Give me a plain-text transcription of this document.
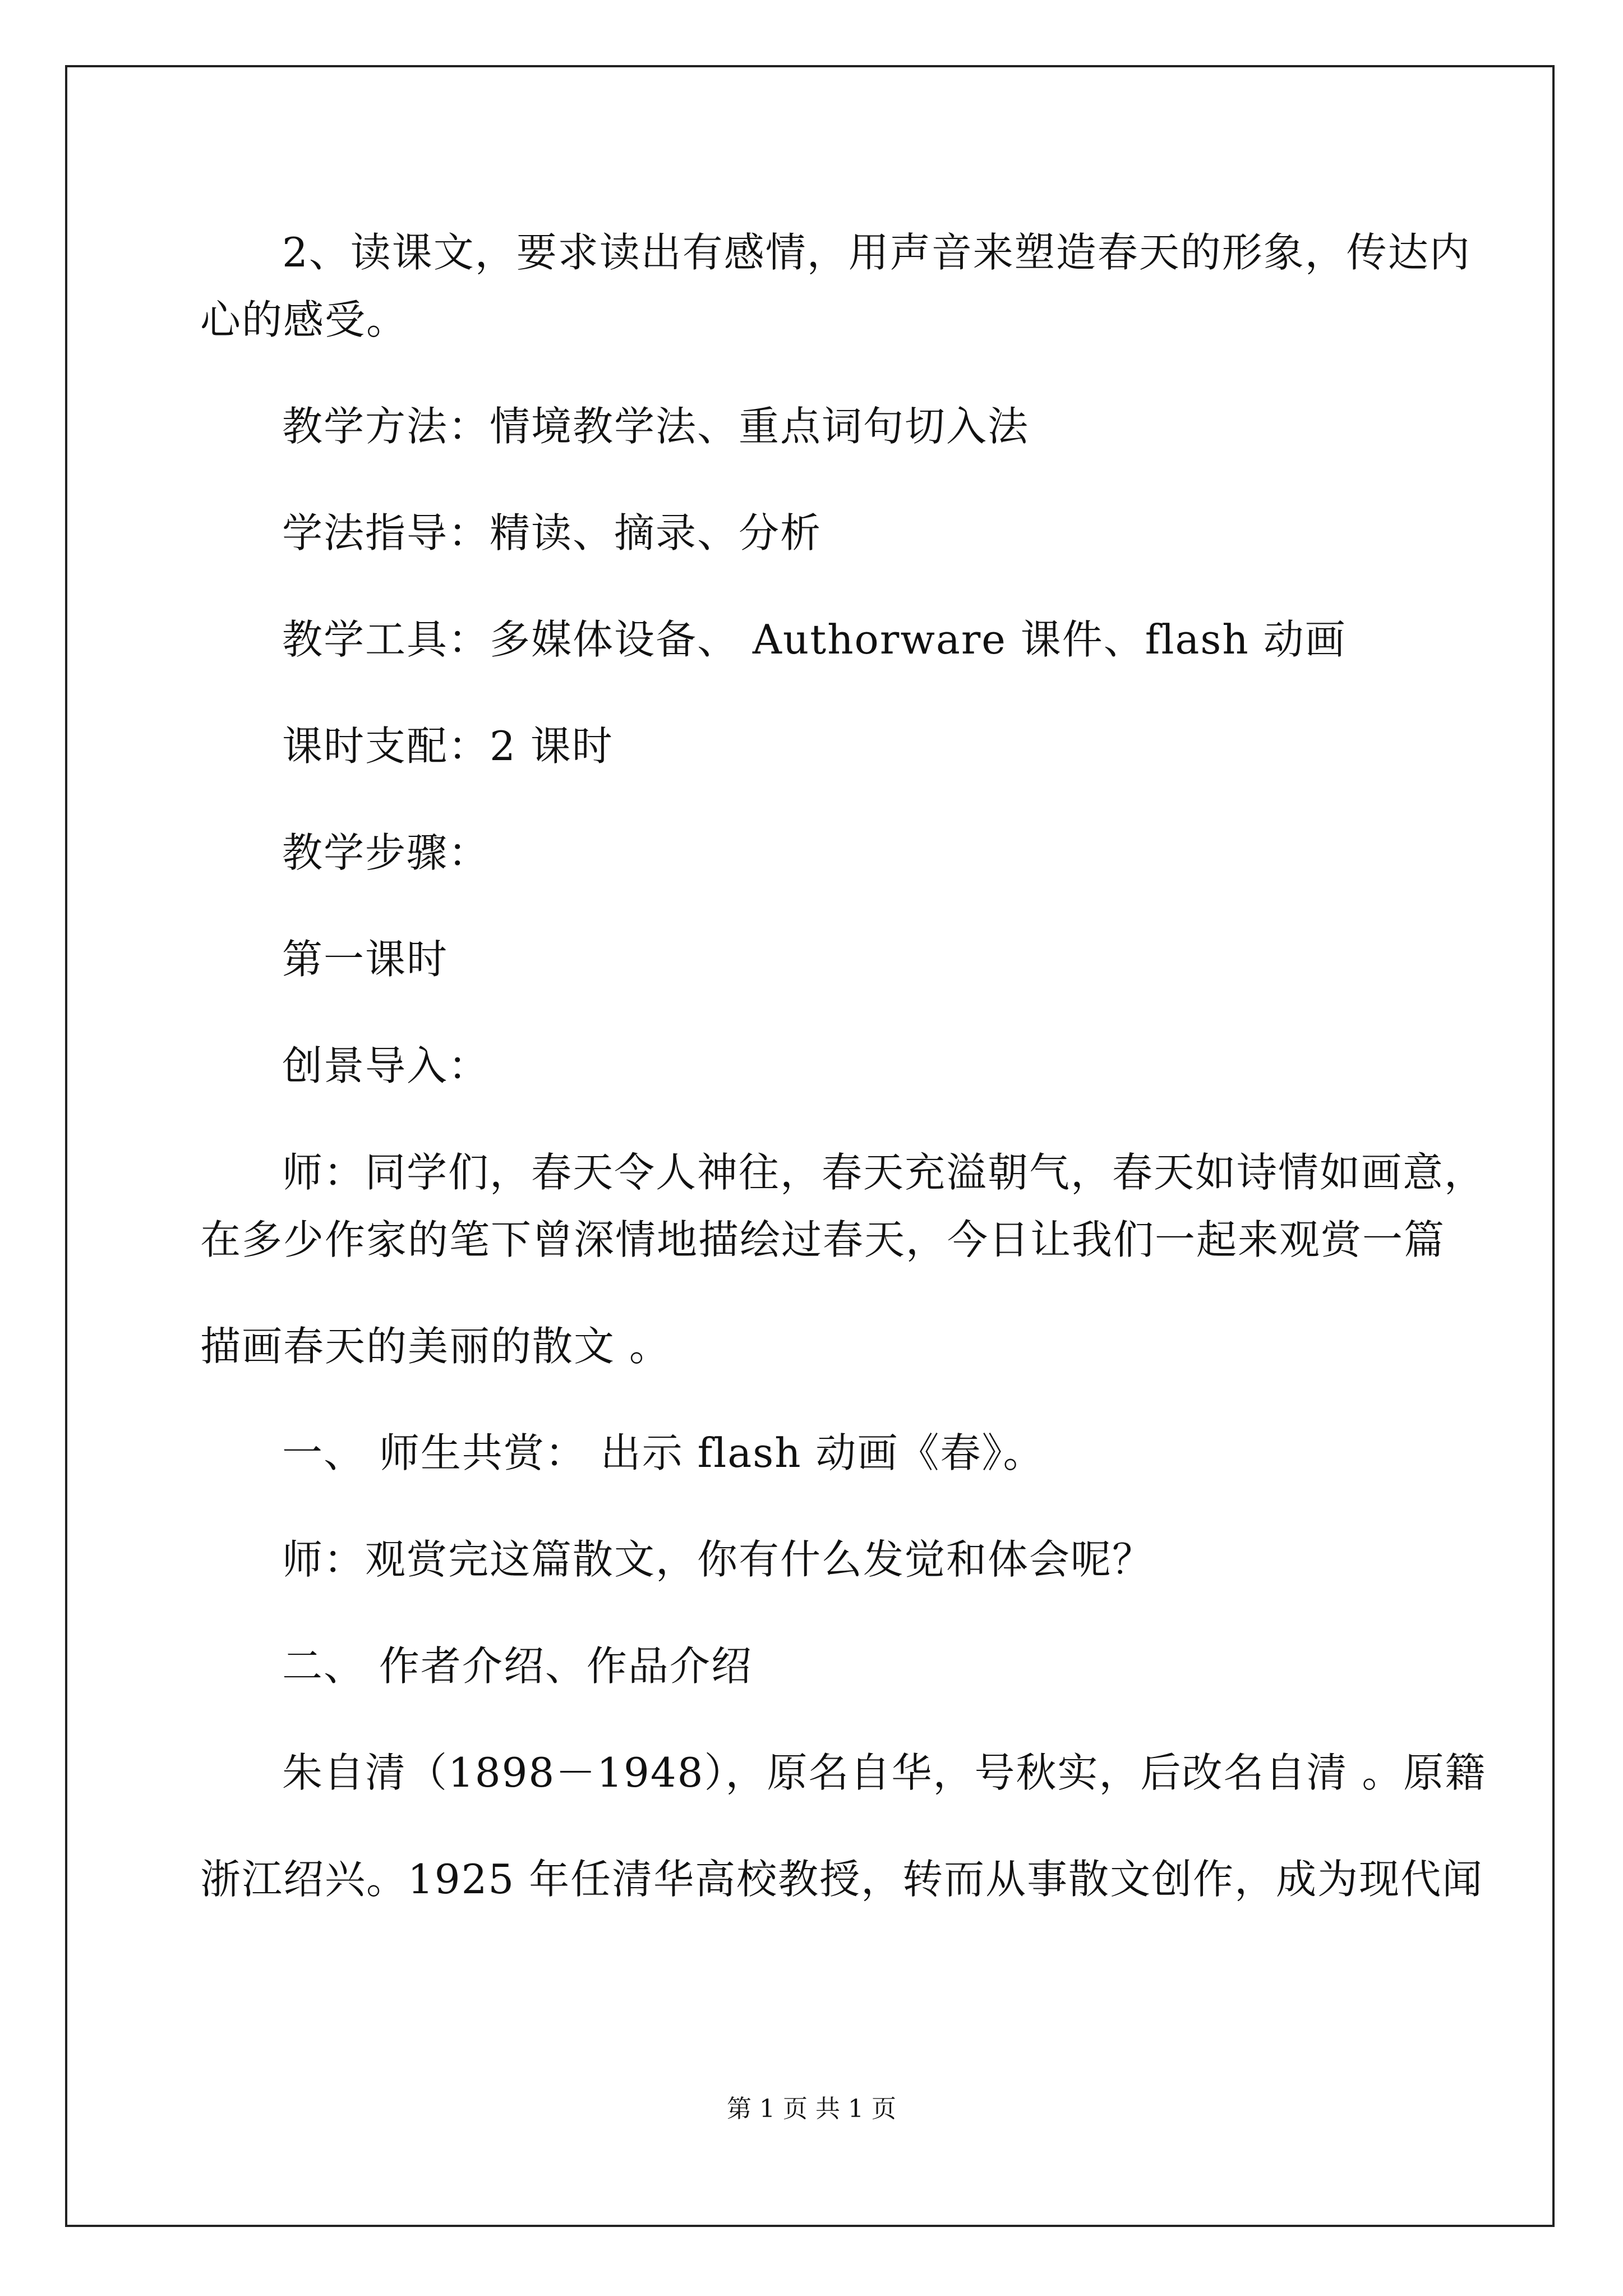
2、读课文，要求读出有感情，用声音来塑造春天的形象，传达内
心的感受。
教学方法：情境教学法、重点词句切入法
学法指导：精读、摘录、分析
教学工具：多媒体设备、 Authorware 课件、flash 动画
课时支配：2 课时
教学步骤：
第一课时
创景导入：
师：同学们，春天令人神往，春天充溢朝气，春天如诗情如画意，
在多少作家的笔下曾深情地描绘过春天，今日让我们一起来观赏一篇
描画春天的美丽的散文 。
一、 师生共赏： 出示 flash 动画《春》。
师：观赏完这篇散文，你有什么发觉和体会呢？
二、 作者介绍、作品介绍
朱自清（1898－1948），原名自华，号秋实，后改名自清 。原籍
浙江绍兴。1925 年任清华高校教授，转而从事散文创作，成为现代闻
第 1 页 共 1 页
